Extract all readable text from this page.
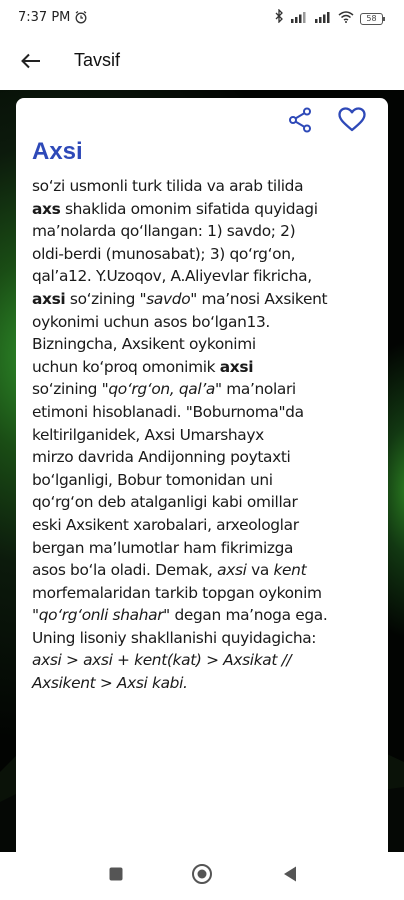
7:37 PM	58
Tavsif
Axsi
so‘zi usmonli turk tilida va arab tilida
axs shaklida omonim sifatida quyidagi
ma’nolarda qo‘llangan: 1) savdo; 2)
oldi-berdi (munosabat); 3) qo‘rg‘on,
qal’a12. Y.Uzoqov, A.Aliyevlar fikricha,
axsi so‘zining "savdo" ma’nosi Axsikent
oykonimi uchun asos bo‘lgan13.
Bizningcha, Axsikent oykonimi
uchun ko‘proq omonimik axsi
so‘zining "qo‘rg‘on, qal’a" ma’nolari
etimoni hisoblanadi. "Boburnoma"da
keltirilganidek, Axsi Umarshayx
mirzo davrida Andijonning poytaxti
bo‘lganligi, Bobur tomonidan uni
qo‘rg‘on deb atalganligi kabi omillar
eski Axsikent xarobalari, arxeologlar
bergan ma’lumotlar ham fikrimizga
asos bo‘la oladi. Demak, axsi va kent
morfemalaridan tarkib topgan oykonim
"qo‘rg‘onli shahar" degan ma’noga ega.
Uning lisoniy shakllanishi quyidagicha:
axsi > axsi + kent(kat) > Axsikat //
Axsikent > Axsi kabi.
